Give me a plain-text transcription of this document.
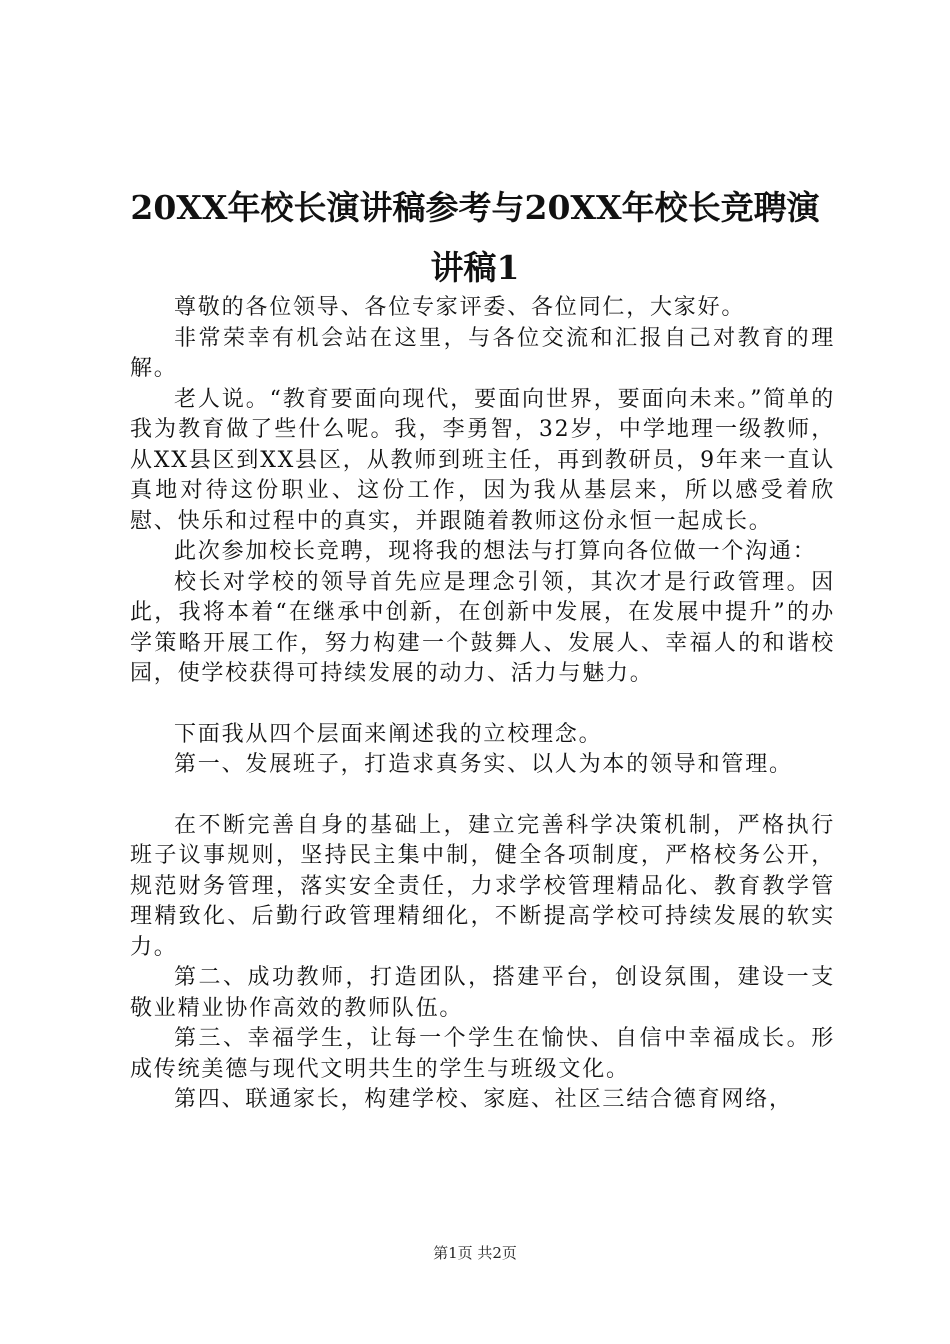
20XX年校长演讲稿参考与20XX年校长竞聘演
讲稿1

尊敬的各位领导、各位专家评委、各位同仁，大家好。

非常荣幸有机会站在这里，与各位交流和汇报自己对教育的理解。

老人说。“教育要面向现代，要面向世界，要面向未来。”简单的我为教育做了些什么呢。我，李勇智，32岁，中学地理一级教师，从XX县区到XX县区，从教师到班主任，再到教研员，9年来一直认真地对待这份职业、这份工作，因为我从基层来，所以感受着欣慰、快乐和过程中的真实，并跟随着教师这份永恒一起成长。

此次参加校长竞聘，现将我的想法与打算向各位做一个沟通：

校长对学校的领导首先应是理念引领，其次才是行政管理。因此，我将本着“在继承中创新，在创新中发展，在发展中提升”的办学策略开展工作，努力构建一个鼓舞人、发展人、幸福人的和谐校园，使学校获得可持续发展的动力、活力与魅力。

下面我从四个层面来阐述我的立校理念。

第一、发展班子，打造求真务实、以人为本的领导和管理。

在不断完善自身的基础上，建立完善科学决策机制，严格执行班子议事规则，坚持民主集中制，健全各项制度，严格校务公开，规范财务管理，落实安全责任，力求学校管理精品化、教育教学管理精致化、后勤行政管理精细化，不断提高学校可持续发展的软实力。

第二、成功教师，打造团队，搭建平台，创设氛围，建设一支敬业精业协作高效的教师队伍。

第三、幸福学生，让每一个学生在愉快、自信中幸福成长。形成传统美德与现代文明共生的学生与班级文化。

第四、联通家长，构建学校、家庭、社区三结合德育网络，

第1页 共2页
